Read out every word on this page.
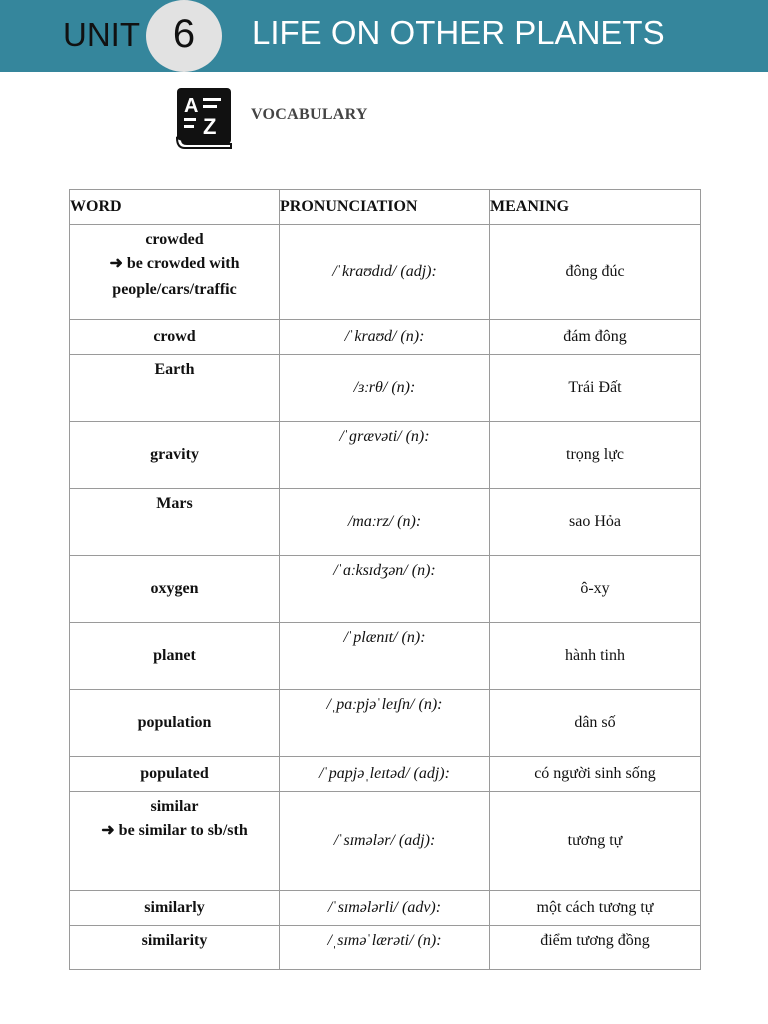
UNIT 6	LIFE ON OTHER PLANETS
A
Z VOCABULARY
WORD	PRONUNCIATION	MEANING

crowded
➜ be crowded with
people/cars/traffic	/ˈkraʊdɪd/ (adj):	đông đúc
crowd	/ˈkraʊd/ (n):	đám đông
Earth	/ɜːrθ/ (n):	Trái Đất
gravity	/ˈɡrævəti/ (n):	trọng lực
Mars	/mɑːrz/ (n):	sao Hỏa
oxygen	/ˈɑːksɪdʒən/ (n):	ô-xy
planet	/ˈplænɪt/ (n):	hành tinh
population	/ˌpɑːpjəˈleɪʃn/ (n):	dân số
populated	/ˈpɑpjəˌleɪtəd/ (adj):	có người sinh sống

similar
➜ be similar to sb/sth	/ˈsɪmələr/ (adj):	tương tự
similarly	/ˈsɪmələrli/ (adv):	một cách tương tự
similarity	/ˌsɪməˈlærəti/ (n):	điểm tương đồng
